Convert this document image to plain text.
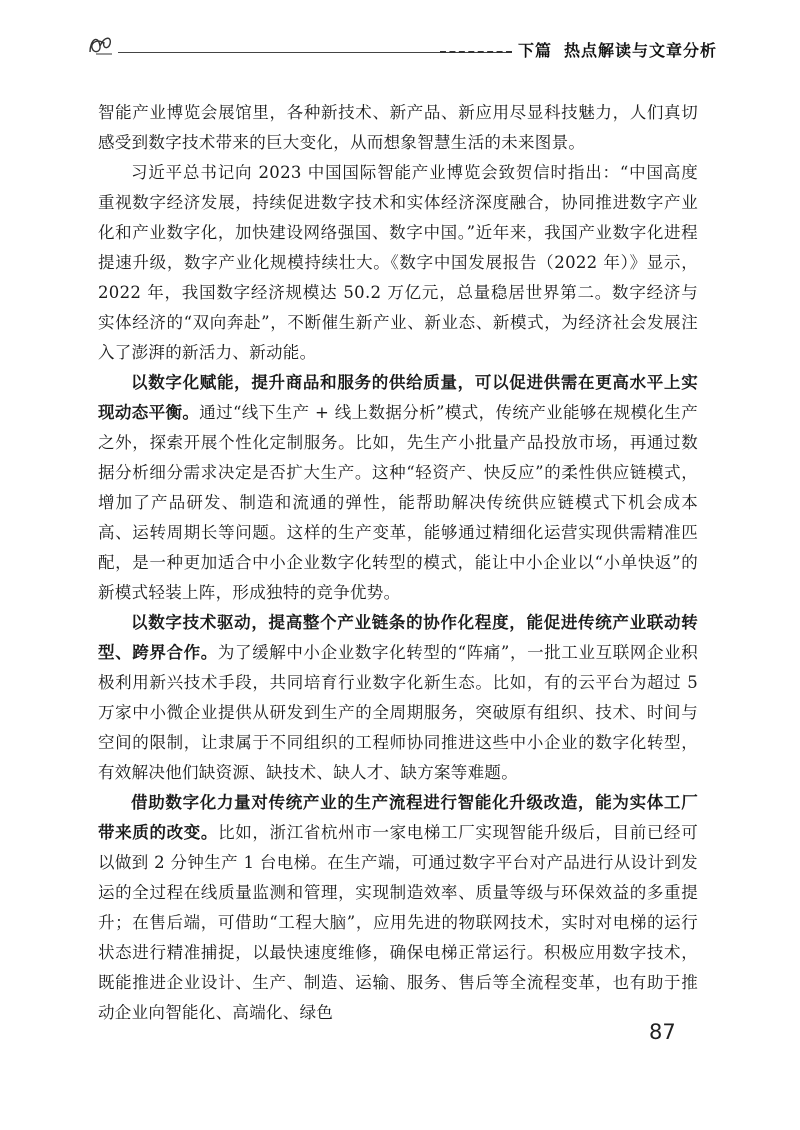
下篇 热点解读与文章分析

智能产业博览会展馆里，各种新技术、新产品、新应用尽显科技魅力，人们真切感受到数字技术带来的巨大变化，从而想象智慧生活的未来图景。

习近平总书记向 2023 中国国际智能产业博览会致贺信时指出：“中国高度重视数字经济发展，持续促进数字技术和实体经济深度融合，协同推进数字产业化和产业数字化，加快建设网络强国、数字中国。”近年来，我国产业数字化进程提速升级，数字产业化规模持续壮大。《数字中国发展报告（2022 年）》显示，2022 年，我国数字经济规模达 50.2 万亿元，总量稳居世界第二。数字经济与实体经济的“双向奔赴”，不断催生新产业、新业态、新模式，为经济社会发展注入了澎湃的新活力、新动能。

以数字化赋能，提升商品和服务的供给质量，可以促进供需在更高水平上实现动态平衡。通过“线下生产 + 线上数据分析”模式，传统产业能够在规模化生产之外，探索开展个性化定制服务。比如，先生产小批量产品投放市场，再通过数据分析细分需求决定是否扩大生产。这种“轻资产、快反应”的柔性供应链模式，增加了产品研发、制造和流通的弹性，能帮助解决传统供应链模式下机会成本高、运转周期长等问题。这样的生产变革，能够通过精细化运营实现供需精准匹配，是一种更加适合中小企业数字化转型的模式，能让中小企业以“小单快返”的新模式轻装上阵，形成独特的竞争优势。

以数字技术驱动，提高整个产业链条的协作化程度，能促进传统产业联动转型、跨界合作。为了缓解中小企业数字化转型的“阵痛”，一批工业互联网企业积极利用新兴技术手段，共同培育行业数字化新生态。比如，有的云平台为超过 5 万家中小微企业提供从研发到生产的全周期服务，突破原有组织、技术、时间与空间的限制，让隶属于不同组织的工程师协同推进这些中小企业的数字化转型，有效解决他们缺资源、缺技术、缺人才、缺方案等难题。

借助数字化力量对传统产业的生产流程进行智能化升级改造，能为实体工厂带来质的改变。比如，浙江省杭州市一家电梯工厂实现智能升级后，目前已经可以做到 2 分钟生产 1 台电梯。在生产端，可通过数字平台对产品进行从设计到发运的全过程在线质量监测和管理，实现制造效率、质量等级与环保效益的多重提升；在售后端，可借助“工程大脑”，应用先进的物联网技术，实时对电梯的运行状态进行精准捕捉，以最快速度维修，确保电梯正常运行。积极应用数字技术，既能推进企业设计、生产、制造、运输、服务、售后等全流程变革，也有助于推动企业向智能化、高端化、绿色

87
